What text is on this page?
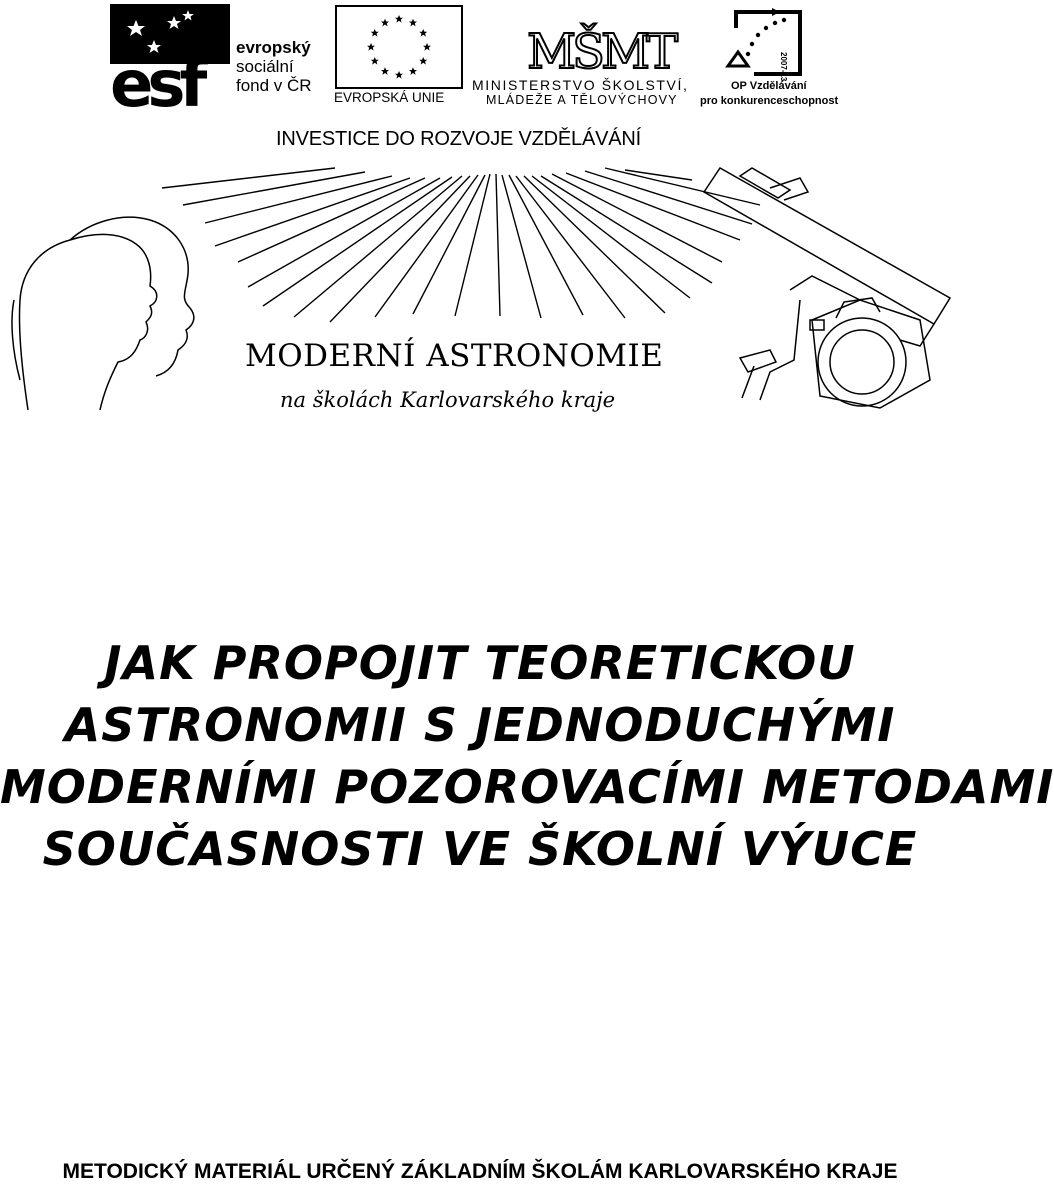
esf
evropský
sociální
fond v ČR
EVROPSKÁ UNIE
MŠMT
MINISTERSTVO ŠKOLSTVÍ,
MLÁDEŽE A TĚLOVÝCHOVY
2007-13
OP Vzdělávání
pro konkurenceschopnost
INVESTICE DO ROZVOJE VZDĚLÁVÁNÍ
MODERNÍ ASTRONOMIE
na školách Karlovarského kraje
JAK PROPOJIT TEORETICKOU
ASTRONOMII S JEDNODUCHÝMI
MODERNÍMI POZOROVACÍMI METODAMI
SOUČASNOSTI VE ŠKOLNÍ VÝUCE
METODICKÝ MATERIÁL URČENÝ ZÁKLADNÍM ŠKOLÁM KARLOVARSKÉHO KRAJE
